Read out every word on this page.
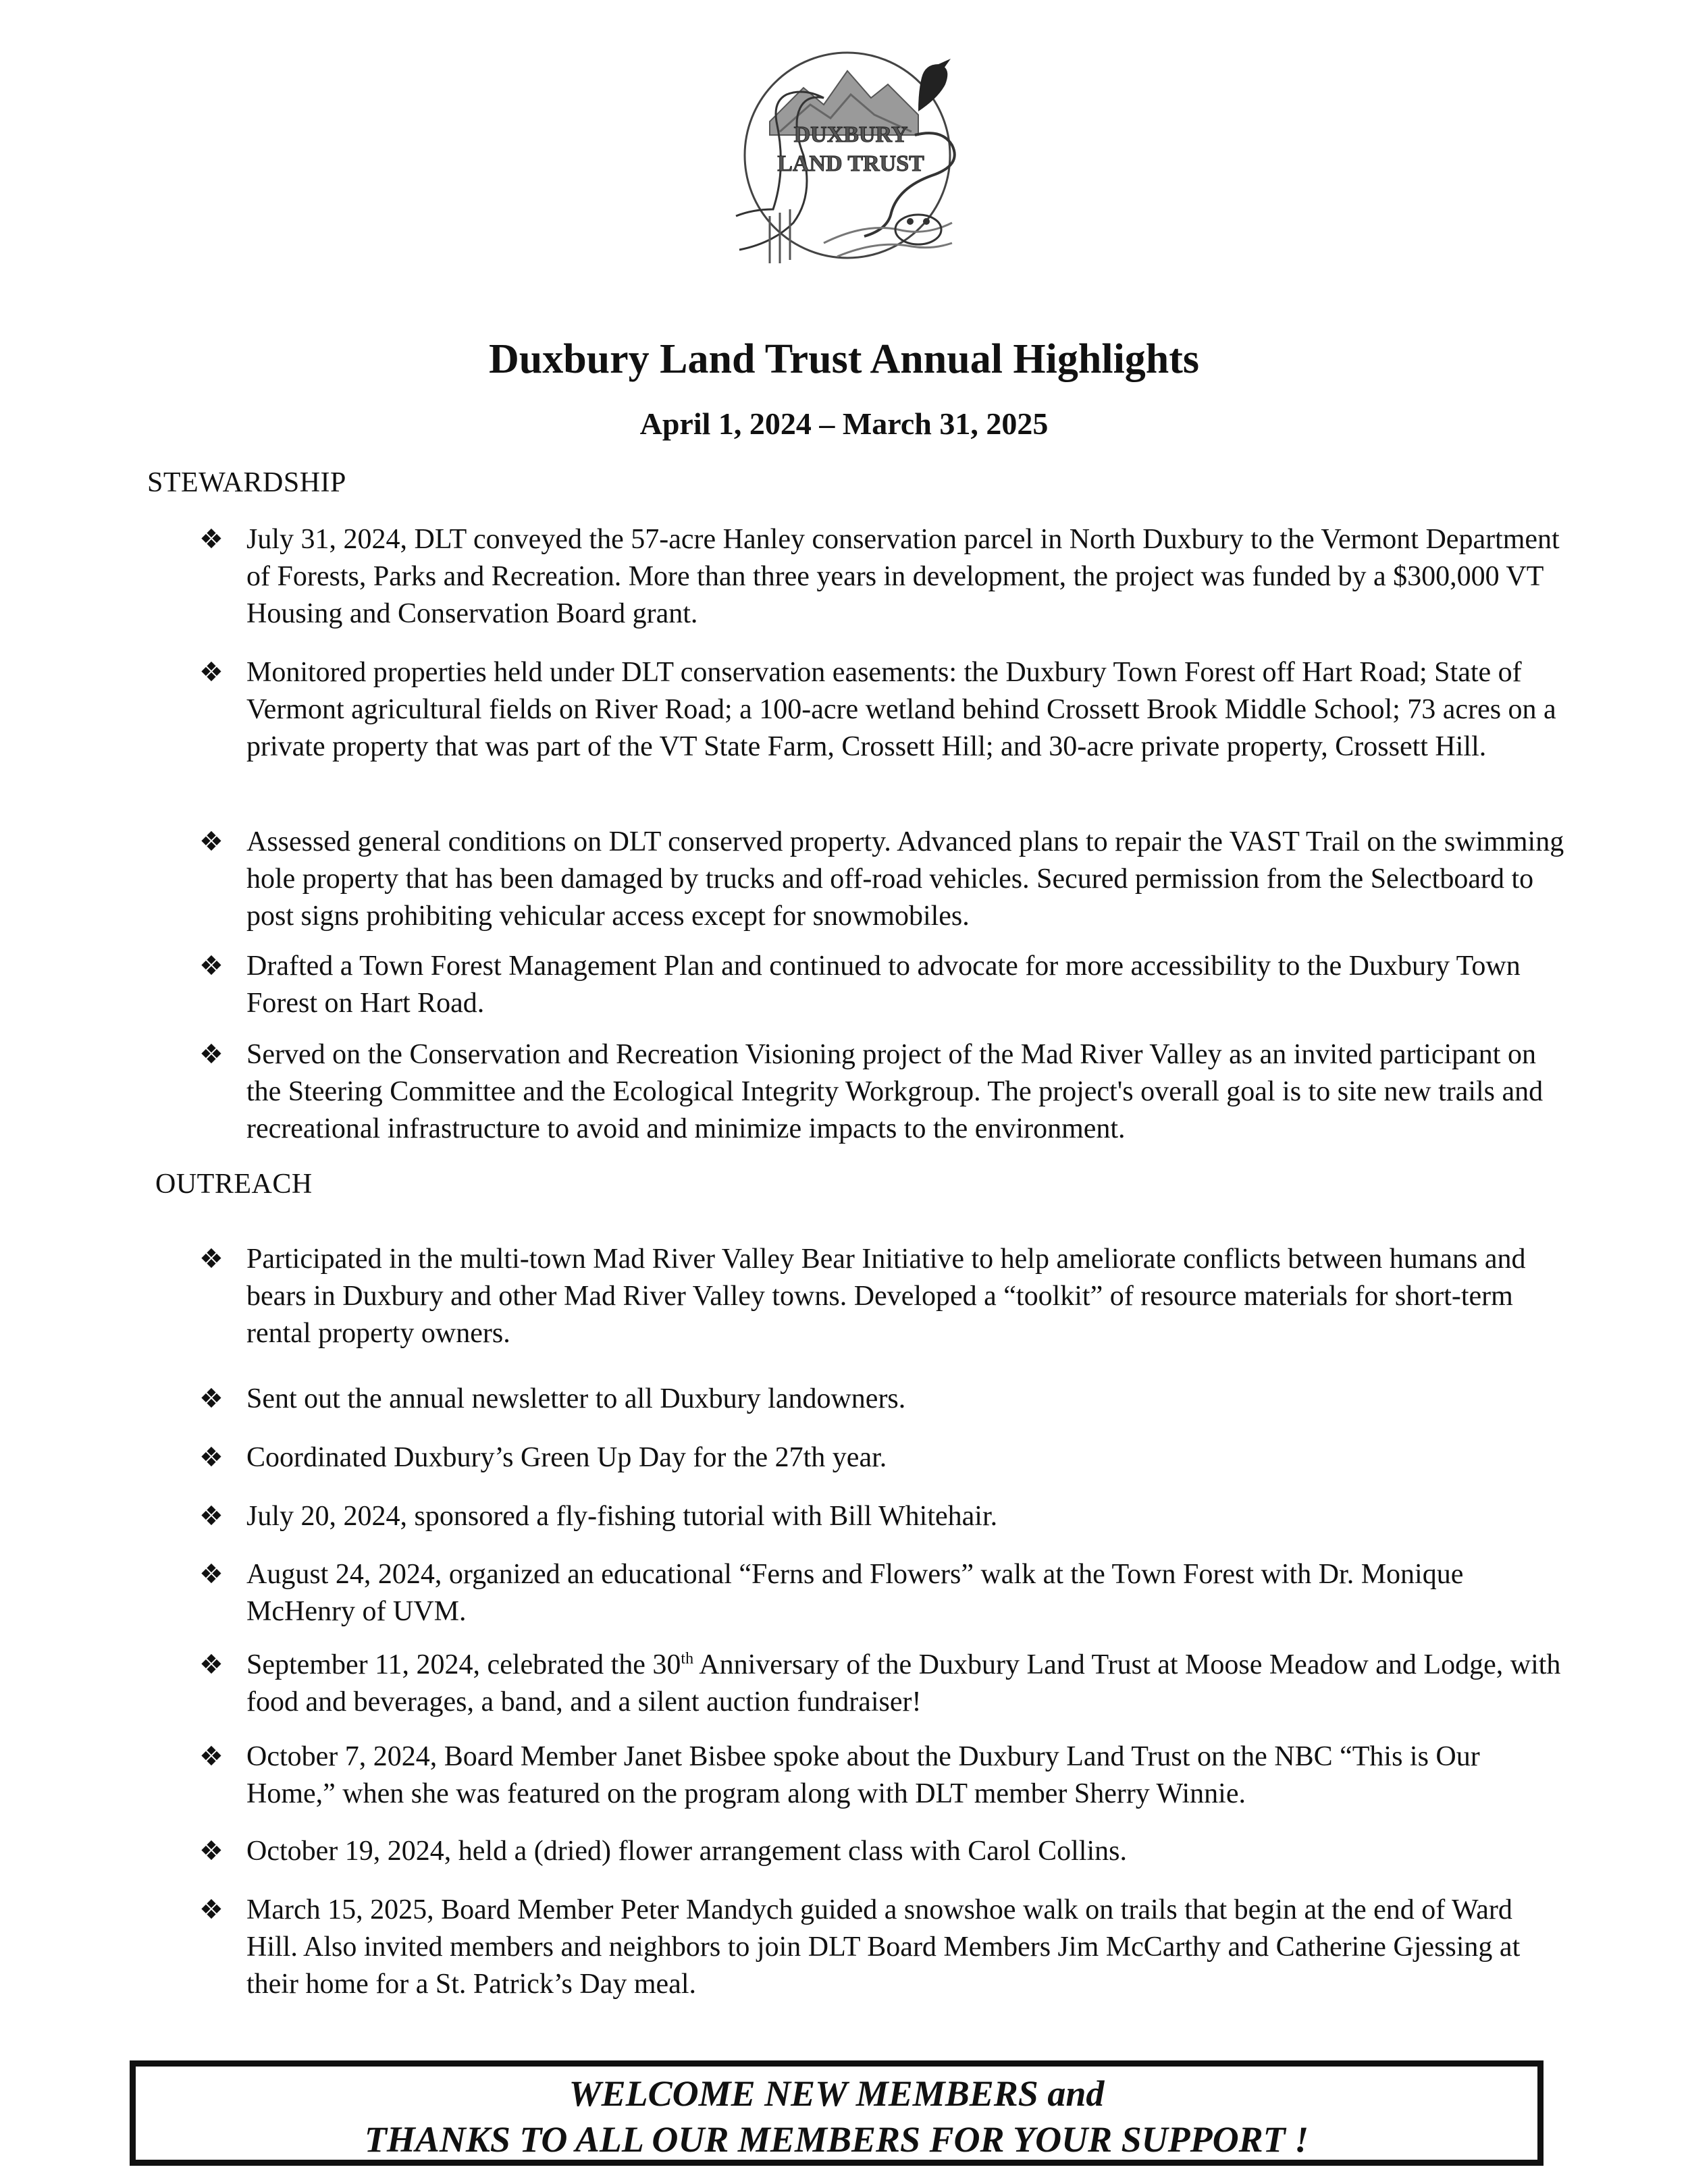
DUXBURY
LAND TRUST
Duxbury Land Trust Annual Highlights
April 1, 2024 – March 31, 2025
STEWARDSHIP
❖ July 31, 2024, DLT conveyed the 57-acre Hanley conservation parcel in North Duxbury to the Vermont Department of Forests, Parks and Recreation. More than three years in development, the project was funded by a $300,000 VT Housing and Conservation Board grant.
❖ Monitored properties held under DLT conservation easements: the Duxbury Town Forest off Hart Road; State of Vermont agricultural fields on River Road; a 100-acre wetland behind Crossett Brook Middle School; 73 acres on a private property that was part of the VT State Farm, Crossett Hill; and 30-acre private property, Crossett Hill.
❖ Assessed general conditions on DLT conserved property. Advanced plans to repair the VAST Trail on the swimming hole property that has been damaged by trucks and off-road vehicles. Secured permission from the Selectboard to post signs prohibiting vehicular access except for snowmobiles.
❖ Drafted a Town Forest Management Plan and continued to advocate for more accessibility to the Duxbury Town Forest on Hart Road.
❖ Served on the Conservation and Recreation Visioning project of the Mad River Valley as an invited participant on the Steering Committee and the Ecological Integrity Workgroup. The project's overall goal is to site new trails and recreational infrastructure to avoid and minimize impacts to the environment.
OUTREACH
❖ Participated in the multi-town Mad River Valley Bear Initiative to help ameliorate conflicts between humans and bears in Duxbury and other Mad River Valley towns. Developed a “toolkit” of resource materials for short-term rental property owners.
❖ Sent out the annual newsletter to all Duxbury landowners.
❖ Coordinated Duxbury’s Green Up Day for the 27th year.
❖ July 20, 2024, sponsored a fly-fishing tutorial with Bill Whitehair.
❖ August 24, 2024, organized an educational “Ferns and Flowers” walk at the Town Forest with Dr. Monique McHenry of UVM.
❖ September 11, 2024, celebrated the 30th Anniversary of the Duxbury Land Trust at Moose Meadow and Lodge, with food and beverages, a band, and a silent auction fundraiser!
❖ October 7, 2024, Board Member Janet Bisbee spoke about the Duxbury Land Trust on the NBC “This is Our Home,” when she was featured on the program along with DLT member Sherry Winnie.
❖ October 19, 2024, held a (dried) flower arrangement class with Carol Collins.
❖ March 15, 2025, Board Member Peter Mandych guided a snowshoe walk on trails that begin at the end of Ward Hill. Also invited members and neighbors to join DLT Board Members Jim McCarthy and Catherine Gjessing at their home for a St. Patrick’s Day meal.
WELCOME NEW MEMBERS and
THANKS TO ALL OUR MEMBERS FOR YOUR SUPPORT !
